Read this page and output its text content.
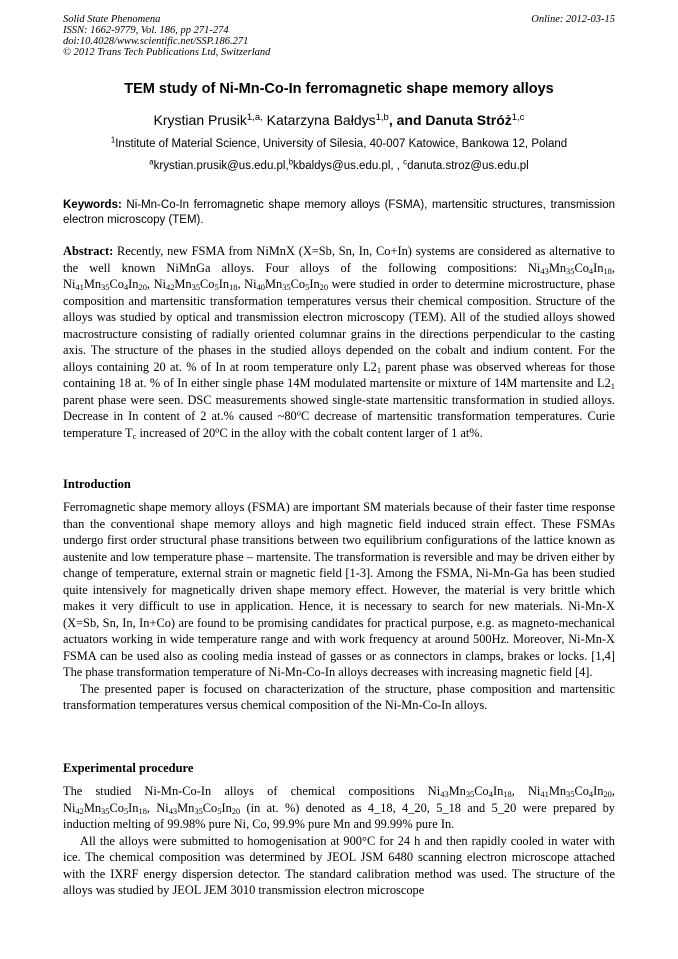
Solid State Phenomena
ISSN: 1662-9779, Vol. 186, pp 271-274
doi:10.4028/www.scientific.net/SSP.186.271
© 2012 Trans Tech Publications Ltd, Switzerland
Online: 2012-03-15
TEM study of Ni-Mn-Co-In ferromagnetic shape memory alloys
Krystian Prusik$^{1,a,}$ Katarzyna Bałdys$^{1,b}$, and Danuta Stróż$^{1,c}$
$^1$Institute of Material Science, University of Silesia, 40-007 Katowice, Bankowa 12, Poland
$^a$krystian.prusik@us.edu.pl,$^b$kbaldys@us.edu.pl, , $^c$danuta.stroz@us.edu.pl
Keywords: Ni-Mn-Co-In ferromagnetic shape memory alloys (FSMA), martensitic structures, transmission electron microscopy (TEM).
Abstract: Recently, new FSMA from NiMnX (X=Sb, Sn, In, Co+In) systems are considered as alternative to the well known NiMnGa alloys. Four alloys of the following compositions: $Ni_{43}Mn_{35}Co_4In_{18}$, $Ni_{41}Mn_{35}Co_4In_{20}$, $Ni_{42}Mn_{35}Co_5In_{18}$, $Ni_{40}Mn_{35}Co_5In_{20}$ were studied in order to determine microstructure, phase composition and martensitic transformation temperatures versus their chemical composition. Structure of the alloys was studied by optical and transmission electron microscopy (TEM). All of the studied alloys showed macrostructure consisting of radially oriented columnar grains in the directions perpendicular to the casting axis. The structure of the phases in the studied alloys depended on the cobalt and indium content. For the alloys containing 20 at. % of In at room temperature only $L2_1$ parent phase was observed whereas for those containing 18 at. % of In either single phase 14M modulated martensite or mixture of 14M martensite and $L2_1$ parent phase were seen. DSC measurements showed single-state martensitic transformation in studied alloys. Decrease in In content of 2 at.% caused ~80$^o$C decrease of martensitic transformation temperatures. Curie temperature $T_c$ increased of 20$^o$C in the alloy with the cobalt content larger of 1 at%.
Introduction

Ferromagnetic shape memory alloys (FSMA) are important SM materials because of their faster time response than the conventional shape memory alloys and high magnetic field induced strain effect. These FSMAs undergo first order structural phase transitions between two equilibrium configurations of the lattice known as austenite and low temperature phase – martensite. The transformation is reversible and may be driven either by change of temperature, external strain or magnetic field [1-3]. Among the FSMA, Ni-Mn-Ga has been studied quite intensively for magnetically driven shape memory effect. However, the material is very brittle which makes it very difficult to use in application. Hence, it is necessary to search for new materials. Ni-Mn-X (X=Sb, Sn, In, In+Co) are found to be promising candidates for practical purpose, e.g. as magneto-mechanical actuators working in wide temperature range and with work frequency at around 500Hz. Moreover, Ni-Mn-X FSMA can be used also as cooling media instead of gasses or as connectors in clamps, brakes or locks. [1,4] The phase transformation temperature of Ni-Mn-Co-In alloys decreases with increasing magnetic field [4].

The presented paper is focused on characterization of the structure, phase composition and martensitic transformation temperatures versus chemical composition of the Ni-Mn-Co-In alloys.

Experimental procedure

The studied Ni-Mn-Co-In alloys of chemical compositions $Ni_{43}Mn_{35}Co_4In_{18}$, $Ni_{41}Mn_{35}Co_4In_{20}$, $Ni_{42}Mn_{35}Co_5In_{18}$, $Ni_{43}Mn_{35}Co_5In_{20}$ (in at. %) denoted as 4_18, 4_20, 5_18 and 5_20 were prepared by induction melting of 99.98% pure Ni, Co, 99.9% pure Mn and 99.99% pure In.

All the alloys were submitted to homogenisation at 900°C for 24 h and then rapidly cooled in water with ice. The chemical composition was determined by JEOL JSM 6480 scanning electron microscope attached with the IXRF energy dispersion detector. The standard calibration method was used. The structure of the alloys was studied by JEOL JEM 3010 transmission electron microscope
